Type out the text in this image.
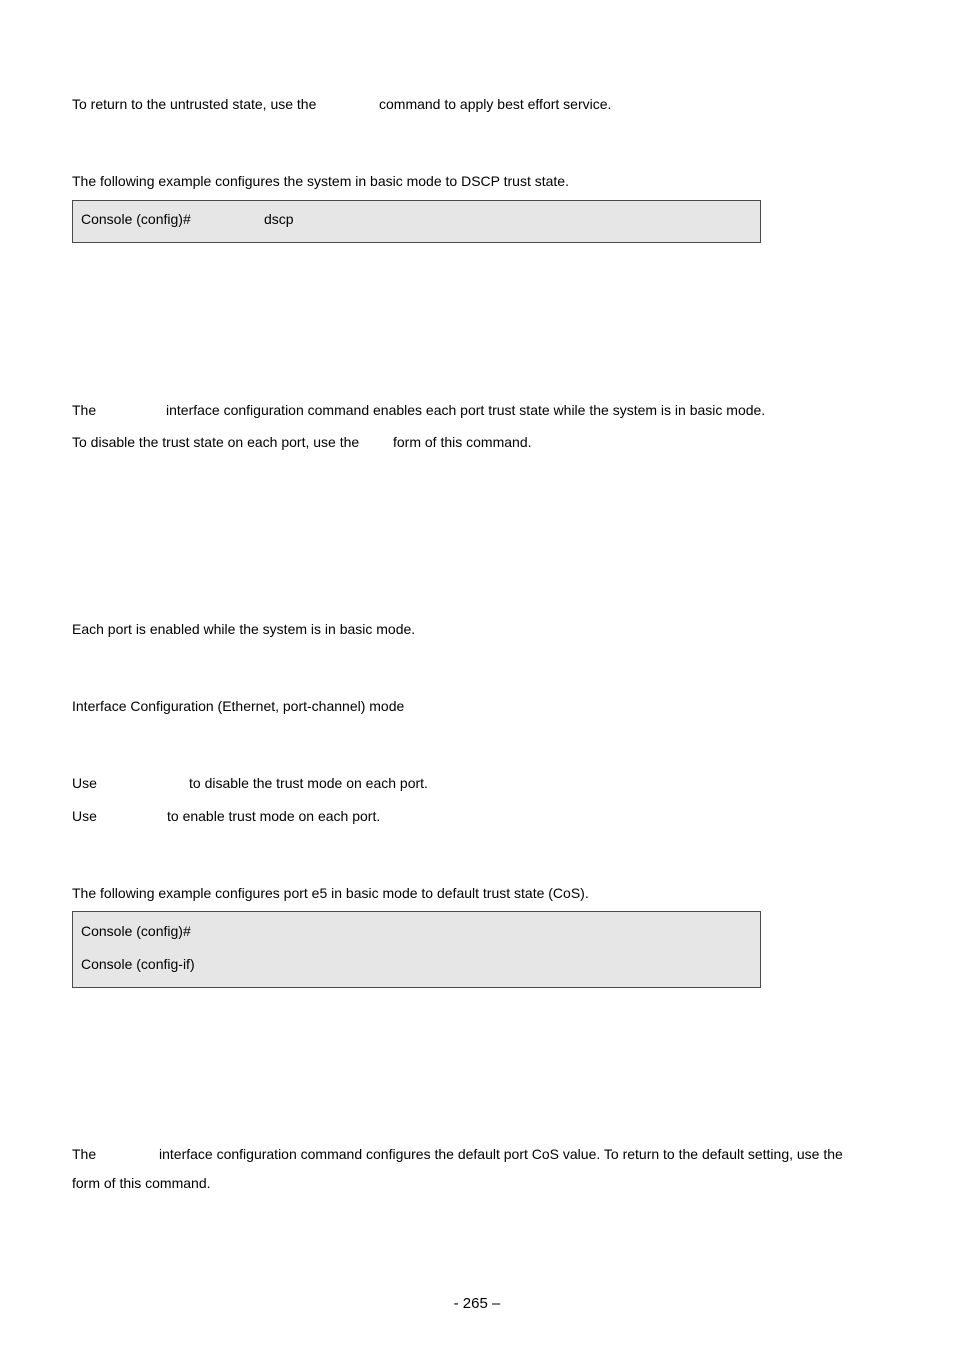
To return to the untrusted state, use the	command to apply best effort service.
The following example configures the system in basic mode to DSCP trust state.
Console (config)#	dscp
The	interface configuration command enables each port trust state while the system is in basic mode.
To disable the trust state on each port, use the form of this command.
Each port is enabled while the system is in basic mode.
Interface Configuration (Ethernet, port-channel) mode
Use	to disable the trust mode on each port.
Use	to enable trust mode on each port.
The following example configures port e5 in basic mode to default trust state (CoS).
Console (config)#
Console (config-if)
The	interface configuration command configures the default port CoS value. To return to the default setting, use the
form of this command.
- 265 –
